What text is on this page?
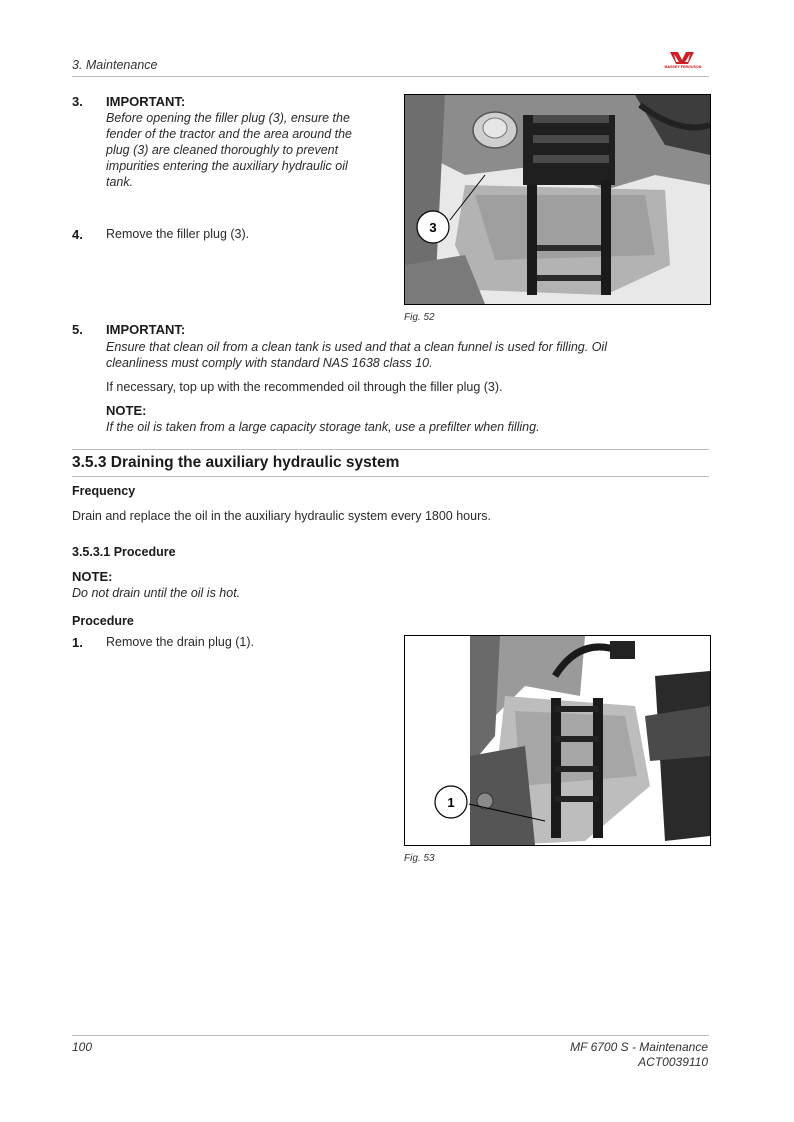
3. Maintenance	MASSEY FERGUSON
3. IMPORTANT:
Before opening the filler plug (3), ensure the fender of the tractor and the area around the plug (3) are cleaned thoroughly to prevent impurities entering the auxiliary hydraulic oil tank.
4. Remove the filler plug (3).	3
Fig. 52
5. IMPORTANT:
Ensure that clean oil from a clean tank is used and that a clean funnel is used for filling. Oil cleanliness must comply with standard NAS 1638 class 10.
If necessary, top up with the recommended oil through the filler plug (3).
NOTE:
If the oil is taken from a large capacity storage tank, use a prefilter when filling.
3.5.3 Draining the auxiliary hydraulic system
Frequency
Drain and replace the oil in the auxiliary hydraulic system every 1800 hours.
3.5.3.1 Procedure
NOTE:
Do not drain until the oil is hot.
Procedure
1. Remove the drain plug (1).
1
Fig. 53
100	MF 6700 S - Maintenance
ACT0039110
